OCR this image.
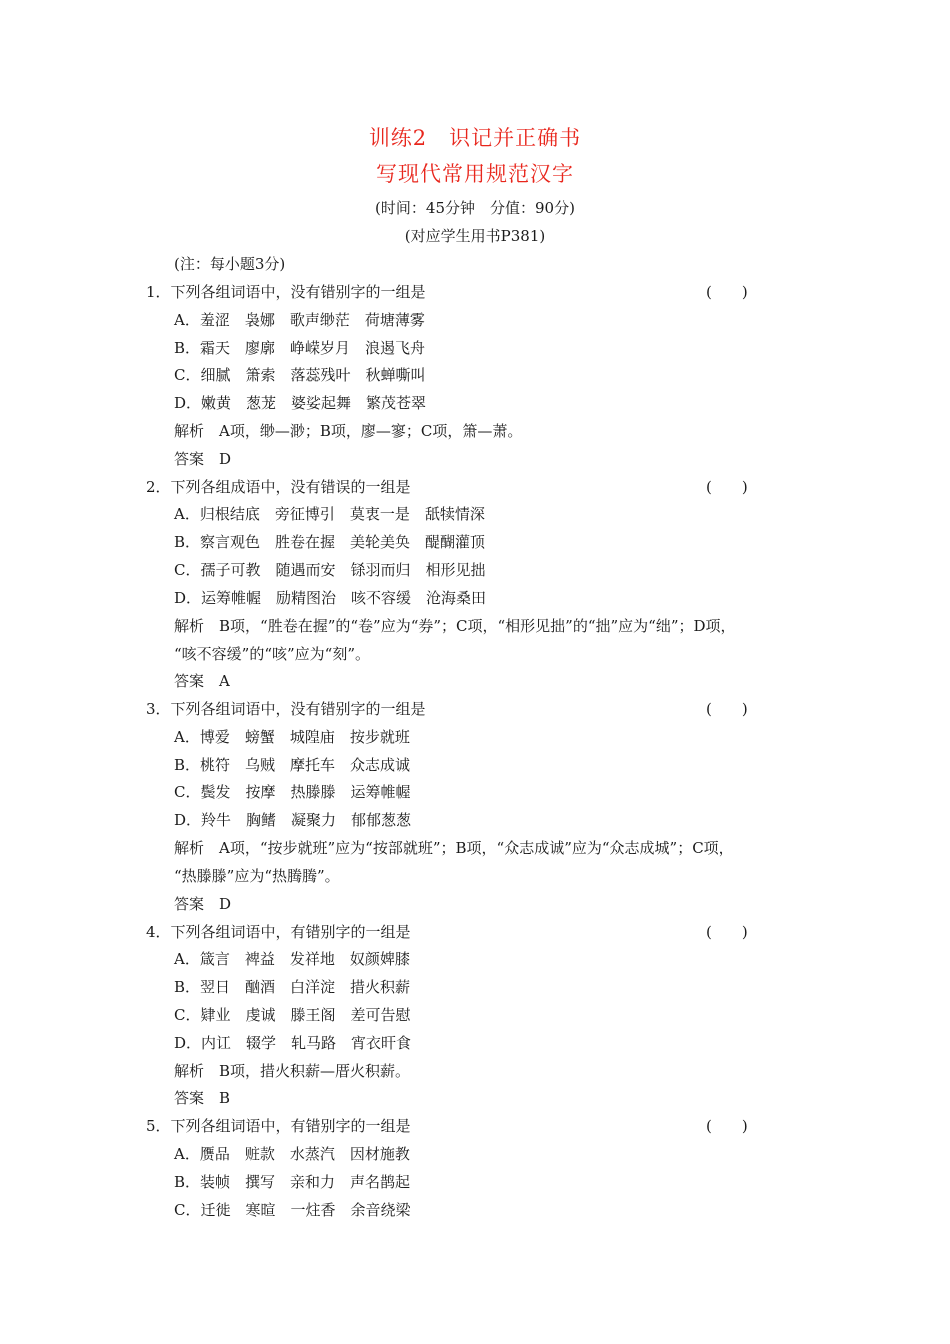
训练2　识记并正确书
写现代常用规范汉字
(时间：45分钟　分值：90分)
(对应学生用书P381)
(注：每小题3分)
1．下列各组词语中，没有错别字的一组是	(　　)
A．羞涩　袅娜　歌声缈茫　荷塘薄雾
B．霜天　廖廓　峥嵘岁月　浪遏飞舟
C．细腻　箫索　落蕊残叶　秋蝉嘶叫
D．嫩黄　葱茏　婆娑起舞　繁茂苍翠
解析　A项，缈—渺；B项，廖—寥；C项，箫—萧。
答案　D
2．下列各组成语中，没有错误的一组是	(　　)
A．归根结底　旁征博引　莫衷一是　舐犊情深
B．察言观色　胜卷在握　美轮美奂　醍醐灌顶
C．孺子可教　随遇而安　铩羽而归　相形见拙
D．运筹帷幄　励精图治　咳不容缓　沧海桑田
解析　B项，“胜卷在握”的“卷”应为“券”；C项，“相形见拙”的“拙”应为“绌”；D项，
“咳不容缓”的“咳”应为“刻”。
答案　A
3．下列各组词语中，没有错别字的一组是	(　　)
A．博爱　螃蟹　城隍庙　按步就班
B．桃符　乌贼　摩托车　众志成诚
C．鬓发　按摩　热滕滕　运筹帷幄
D．羚牛　胸鳍　凝聚力　郁郁葱葱
解析　A项，“按步就班”应为“按部就班”；B项，“众志成诚”应为“众志成城”；C项，
“热滕滕”应为“热腾腾”。
答案　D
4．下列各组词语中，有错别字的一组是	(　　)
A．箴言　裨益　发祥地　奴颜婢膝
B．翌日　酗酒　白洋淀　措火积薪
C．肄业　虔诚　滕王阁　差可告慰
D．内讧　辍学　轧马路　宵衣旰食
解析　B项，措火积薪—厝火积薪。
答案　B
5．下列各组词语中，有错别字的一组是	(　　)
A．赝品　赃款　水蒸汽　因材施教
B．装帧　撰写　亲和力　声名鹊起
C．迁徙　寒暄　一炷香　余音绕梁
